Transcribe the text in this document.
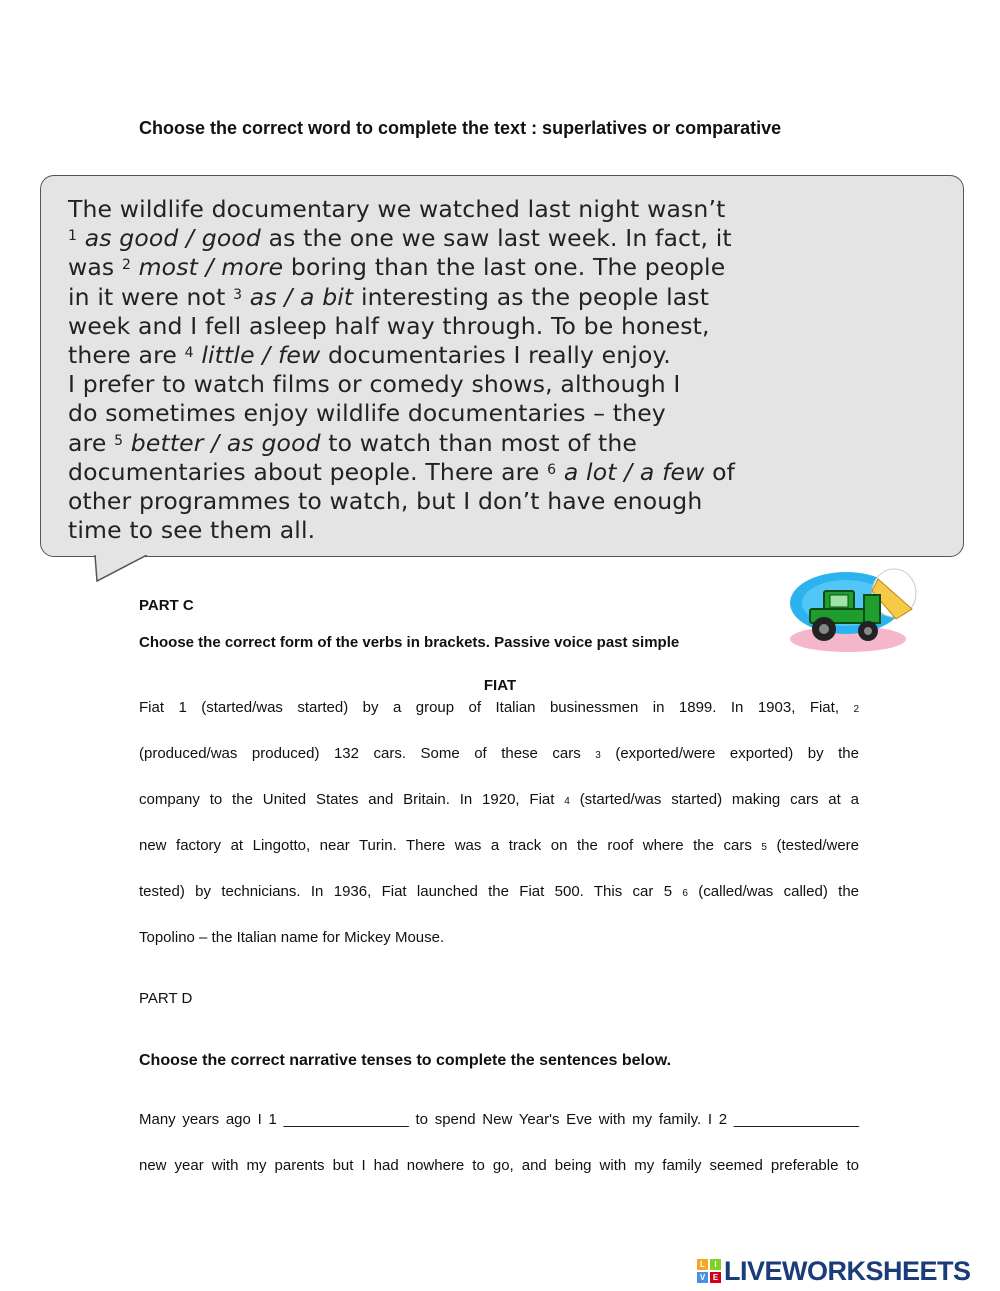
Choose the correct word to complete the text : superlatives or comparative
The wildlife documentary we watched last night wasn’t
$^1$ as good / good as the one we saw last week. In fact, it
was $^2$ most / more boring than the last one. The people
in it were not $^3$ as / a bit interesting as the people last
week and I fell asleep half way through. To be honest,
there are $^4$ little / few documentaries I really enjoy.
I prefer to watch films or comedy shows, although I
do sometimes enjoy wildlife documentaries – they
are $^5$ better / as good to watch than most of the
documentaries about people. There are $^6$ a lot / a few of
other programmes to watch, but I don’t have enough
time to see them all.
PART C
Choose the correct form of the verbs in brackets. Passive voice past simple
FIAT
Fiat 1 (started/was started) by a group of Italian businessmen in 1899. In 1903, Fiat, 2
(produced/was produced) 132 cars. Some of these cars 3 (exported/were exported) by the
company to the United States and Britain. In 1920, Fiat 4 (started/was started) making cars at a
new factory at Lingotto, near Turin. There was a track on the roof where the cars 5 (tested/were
tested) by technicians. In 1936, Fiat launched the Fiat 500. This car 5 6 (called/was called) the
Topolino – the Italian name for Mickey Mouse.
PART D
Choose the correct narrative tenses to complete the sentences below.
Many years ago I 1 _______________ to spend New Year's Eve with my family. I 2 _______________
new year with my parents but I had nowhere to go, and being with my family seemed preferable to
L	I
V E LIVEWORKSHEETS
